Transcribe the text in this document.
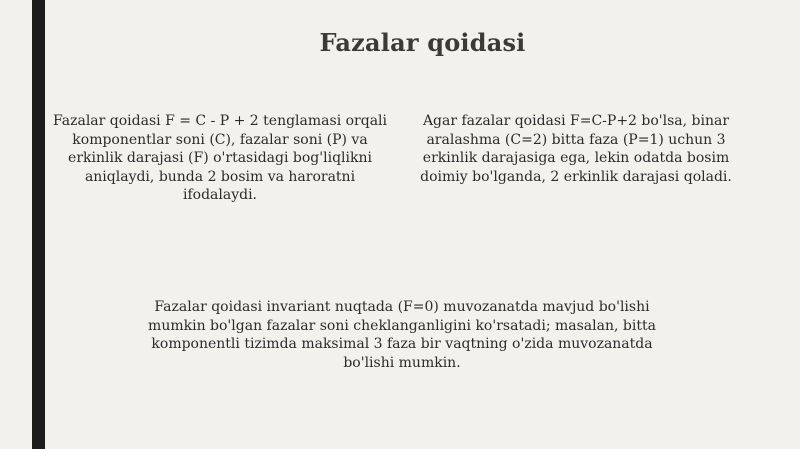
Fazalar qoidasi
Fazalar qoidasi F = C - P + 2 tenglamasi orqali komponentlar soni (C), fazalar soni (P) va erkinlik darajasi (F) o'rtasidagi bog'liqlikni aniqlaydi, bunda 2 bosim va haroratni ifodalaydi.
Agar fazalar qoidasi F=C-P+2 bo'lsa, binar aralashma (C=2) bitta faza (P=1) uchun 3 erkinlik darajasiga ega, lekin odatda bosim doimiy bo'lganda, 2 erkinlik darajasi qoladi.
Fazalar qoidasi invariant nuqtada (F=0) muvozanatda mavjud bo'lishi mumkin bo'lgan fazalar soni cheklanganligini ko'rsatadi; masalan, bitta komponentli tizimda maksimal 3 faza bir vaqtning o'zida muvozanatda bo'lishi mumkin.
